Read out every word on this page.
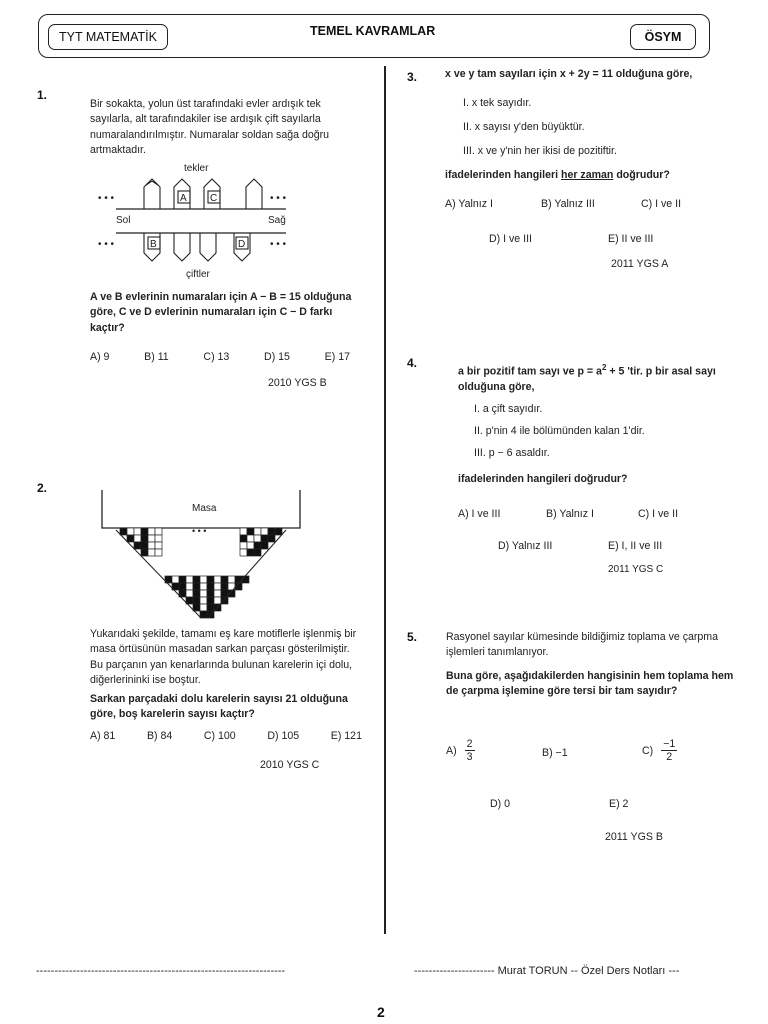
TYT MATEMATİK	TEMEL KAVRAMLAR	ÖSYM
1.
Bir sokakta, yolun üst tarafındaki evler ardışık tek sayılarla, alt tarafındakiler ise ardışık çift sayılarla numaralandırılmıştır. Numaralar soldan sağa doğru artmaktadır.
tekler
Sol	Sağ
çiftler
A C
B	D
• • •	• • •
• • •	• • •
A ve B evlerinin numaraları için A − B = 15 olduğuna göre, C ve D evlerinin numaraları için C − D farkı kaçtır?
A) 9	B) 11	C) 13	D) 15	E) 17
2010 YGS B
2.
Masa
• • •
Yukarıdaki şekilde, tamamı eş kare motiflerle işlenmiş bir masa örtüsünün masadan sarkan parçası gösterilmiştir. Bu parçanın yan kenarlarında bulunan karelerin içi dolu, diğerlerininki ise boştur.
Sarkan parçadaki dolu karelerin sayısı 21 olduğuna göre, boş karelerin sayısı kaçtır?
A) 81	B) 84	C) 100	D) 105	E) 121
2010 YGS C
3.	x ve y tam sayıları için x + 2y = 11 olduğuna göre,
I. x tek sayıdır.
II. x sayısı y'den büyüktür.
III. x ve y'nin her ikisi de pozitiftir.
ifadelerinden hangileri her zaman doğrudur?
A) Yalnız I	B) Yalnız III	C) I ve II
D) I ve III	E) II ve III
2011 YGS A
4.
a bir pozitif tam sayı ve $p = a^2 + 5$ 'tir. p bir asal sayı olduğuna göre,
I. a çift sayıdır.
II. p'nin 4 ile bölümünden kalan 1'dir.
III. p − 6 asaldır.
ifadelerinden hangileri doğrudur?
A) I ve III	B) Yalnız I	C) I ve II
D) Yalnız III	E) I, II ve III
2011 YGS C
5.	Rasyonel sayılar kümesinde bildiğimiz toplama ve çarpma işlemleri tanımlanıyor.
Buna göre, aşağıdakilerden hangisinin hem toplama hem de çarpma işlemine göre tersi bir tam sayıdır?
$A) \frac{2}{3}$	B) −1	$C) \frac{-1}{2}$
D) 0	E) 2
2011 YGS B
--------------------------------------------------------------------	---------------------- Murat TORUN -- Özel Ders Notları ---
2
